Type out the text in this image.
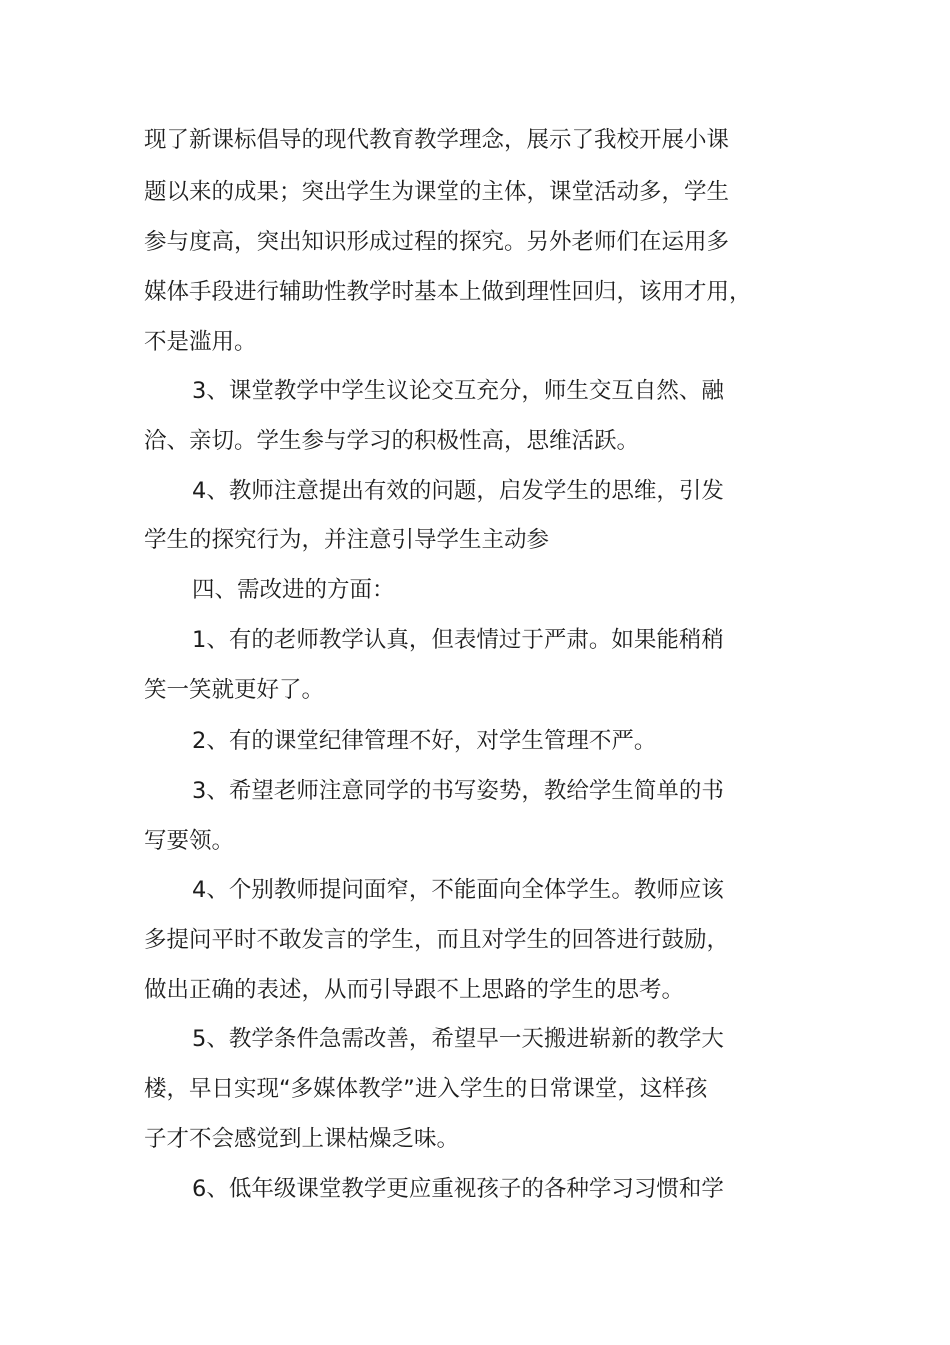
现了新课标倡导的现代教育教学理念，展示了我校开展小课
题以来的成果；突出学生为课堂的主体，课堂活动多，学生
参与度高，突出知识形成过程的探究。另外老师们在运用多
媒体手段进行辅助性教学时基本上做到理性回归，该用才用，
不是滥用。
3、课堂教学中学生议论交互充分，师生交互自然、融
洽、亲切。学生参与学习的积极性高，思维活跃。
4、教师注意提出有效的问题，启发学生的思维，引发
学生的探究行为，并注意引导学生主动参
四、需改进的方面：
1、有的老师教学认真，但表情过于严肃。如果能稍稍
笑一笑就更好了。
2、有的课堂纪律管理不好，对学生管理不严。
3、希望老师注意同学的书写姿势，教给学生简单的书
写要领。
4、个别教师提问面窄，不能面向全体学生。教师应该
多提问平时不敢发言的学生，而且对学生的回答进行鼓励，
做出正确的表述，从而引导跟不上思路的学生的思考。
5、教学条件急需改善，希望早一天搬进崭新的教学大
楼，早日实现“多媒体教学”进入学生的日常课堂，这样孩
子才不会感觉到上课枯燥乏味。
6、低年级课堂教学更应重视孩子的各种学习习惯和学
